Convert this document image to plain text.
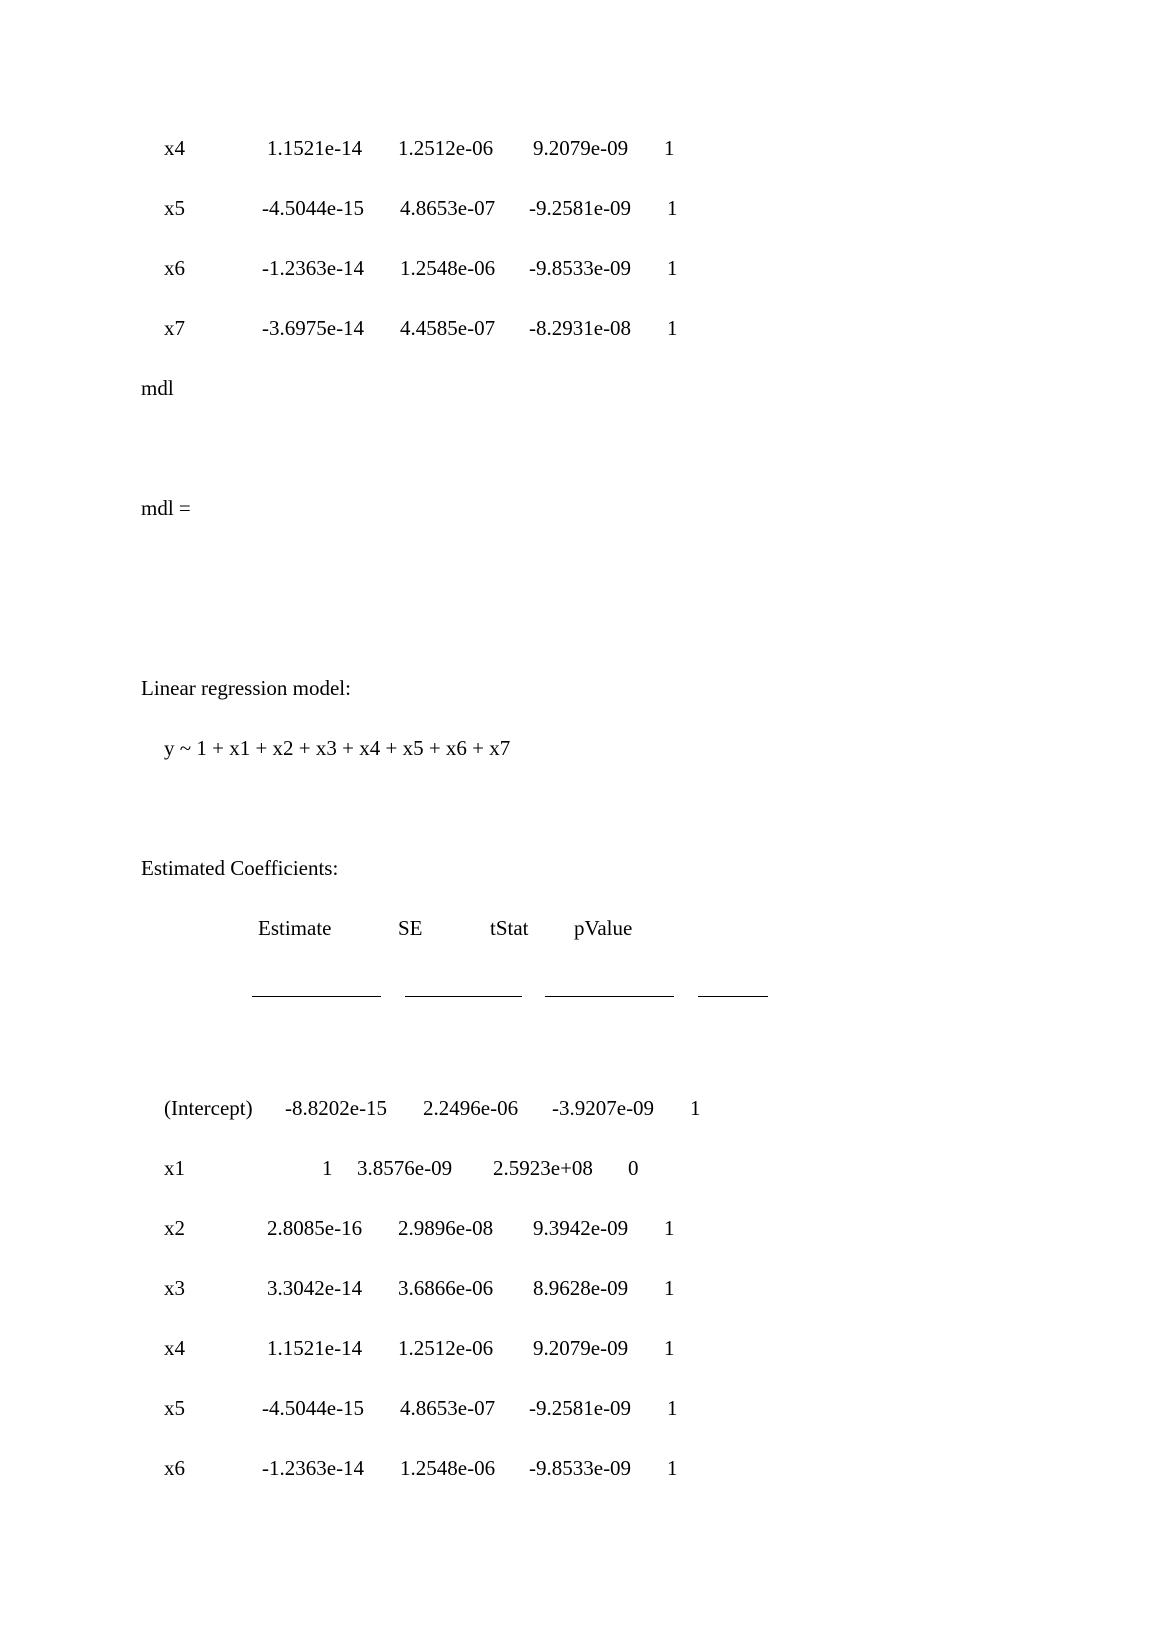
x4	1.1521e-14 1.2512e-06 9.2079e-09 1
x5	-4.5044e-15 4.8653e-07 -9.2581e-09 1
x6	-1.2363e-14 1.2548e-06 -9.8533e-09 1
x7	-3.6975e-14 4.4585e-07 -8.2931e-08 1
mdl
mdl =
Linear regression model:
y ~ 1 + x1 + x2 + x3 + x4 + x5 + x6 + x7
Estimated Coefficients:
Estimate	SE	tStat pValue
(Intercept) -8.8202e-15 2.2496e-06 -3.9207e-09 1
x1	1 3.8576e-09 2.5923e+08 0
x2	2.8085e-16 2.9896e-08 9.3942e-09 1
x3	3.3042e-14 3.6866e-06 8.9628e-09 1
x4	1.1521e-14 1.2512e-06 9.2079e-09 1
x5	-4.5044e-15 4.8653e-07 -9.2581e-09 1
x6	-1.2363e-14 1.2548e-06 -9.8533e-09 1
